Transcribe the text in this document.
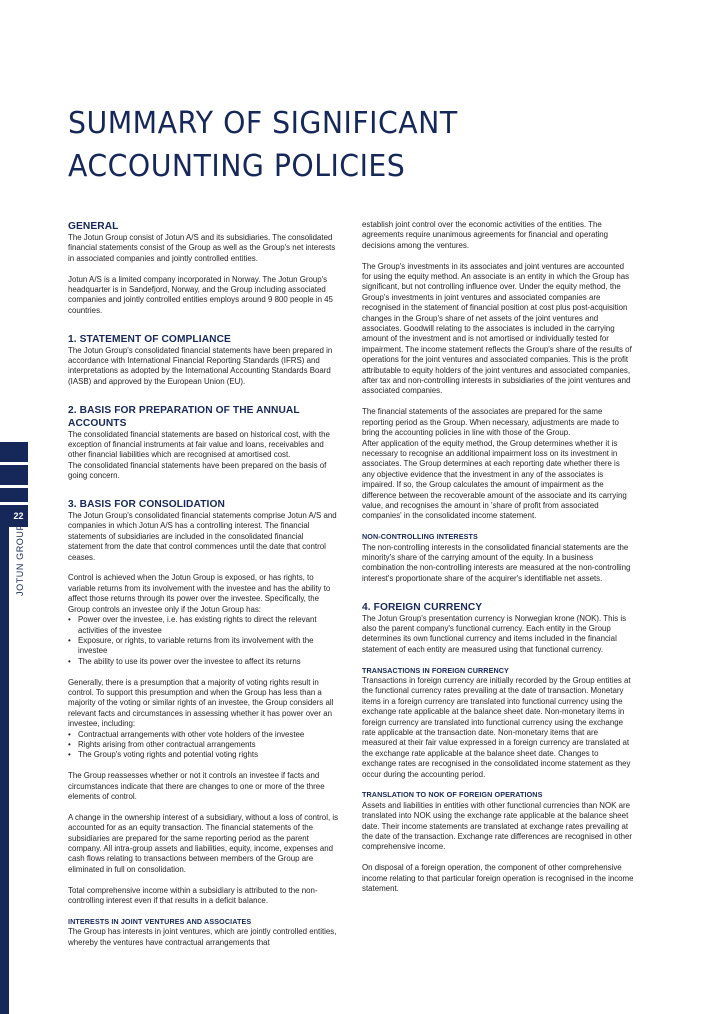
22
JOTUN GROUP
SUMMARY OF SIGNIFICANT
ACCOUNTING POLICIES
GENERAL

The Jotun Group consist of Jotun A/S and its subsidiaries. The consolidated financial statements consist of the Group as well as the Group's net interests in associated companies and jointly controlled entities.

Jotun A/S is a limited company incorporated in Norway. The Jotun Group's headquarter is in Sandefjord, Norway, and the Group including associated companies and jointly controlled entities employs around 9 800 people in 45 countries.

1. STATEMENT OF COMPLIANCE

The Jotun Group's consolidated financial statements have been prepared in accordance with International Financial Reporting Standards (IFRS) and interpretations as adopted by the International Accounting Standards Board (IASB) and approved by the European Union (EU).

2. BASIS FOR PREPARATION OF THE ANNUAL ACCOUNTS

The consolidated financial statements are based on historical cost, with the exception of financial instruments at fair value and loans, receivables and other financial liabilities which are recognised at amortised cost.

The consolidated financial statements have been prepared on the basis of going concern.

3. BASIS FOR CONSOLIDATION

The Jotun Group's consolidated financial statements comprise Jotun A/S and companies in which Jotun A/S has a controlling interest. The financial statements of subsidiaries are included in the consolidated financial statement from the date that control commences until the date that control ceases.

Control is achieved when the Jotun Group is exposed, or has rights, to variable returns from its involvement with the investee and has the ability to affect those returns through its power over the investee. Specifically, the Group controls an investee only if the Jotun Group has:

• Power over the investee, i.e. has existing rights to direct the relevant activities of the investee
• Exposure, or rights, to variable returns from its involvement with the investee
• The ability to use its power over the investee to affect its returns

Generally, there is a presumption that a majority of voting rights result in control. To support this presumption and when the Group has less than a majority of the voting or similar rights of an investee, the Group considers all relevant facts and circumstances in assessing whether it has power over an investee, including:

• Contractual arrangements with other vote holders of the investee
• Rights arising from other contractual arrangements
• The Group's voting rights and potential voting rights

The Group reassesses whether or not it controls an investee if facts and circumstances indicate that there are changes to one or more of the three elements of control.

A change in the ownership interest of a subsidiary, without a loss of control, is accounted for as an equity transaction. The financial statements of the subsidiaries are prepared for the same reporting period as the parent company. All intra-group assets and liabilities, equity, income, expenses and cash flows relating to transactions between members of the Group are eliminated in full on consolidation.

Total comprehensive income within a subsidiary is attributed to the non-controlling interest even if that results in a deficit balance.

INTERESTS IN JOINT VENTURES AND ASSOCIATES

The Group has interests in joint ventures, which are jointly controlled entities, whereby the ventures have contractual arrangements that

establish joint control over the economic activities of the entities. The agreements require unanimous agreements for financial and operating decisions among the ventures.

The Group's investments in its associates and joint ventures are accounted for using the equity method. An associate is an entity in which the Group has significant, but not controlling influence over. Under the equity method, the Group's investments in joint ventures and associated companies are recognised in the statement of financial position at cost plus post-acquisition changes in the Group's share of net assets of the joint ventures and associates. Goodwill relating to the associates is included in the carrying amount of the investment and is not amortised or individually tested for impairment. The income statement reflects the Group's share of the results of operations for the joint ventures and associated companies. This is the profit attributable to equity holders of the joint ventures and associated companies, after tax and non-controlling interests in subsidiaries of the joint ventures and associated companies.

The financial statements of the associates are prepared for the same reporting period as the Group. When necessary, adjustments are made to bring the accounting policies in line with those of the Group.

After application of the equity method, the Group determines whether it is necessary to recognise an additional impairment loss on its investment in associates. The Group determines at each reporting date whether there is any objective evidence that the investment in any of the associates is impaired. If so, the Group calculates the amount of impairment as the difference between the recoverable amount of the associate and its carrying value, and recognises the amount in 'share of profit from associated companies' in the consolidated income statement.

NON-CONTROLLING INTERESTS

The non-controlling interests in the consolidated financial statements are the minority's share of the carrying amount of the equity. In a business combination the non-controlling interests are measured at the non-controlling interest's proportionate share of the acquirer's identifiable net assets.

4. FOREIGN CURRENCY

The Jotun Group's presentation currency is Norwegian krone (NOK). This is also the parent company's functional currency. Each entity in the Group determines its own functional currency and items included in the financial statement of each entity are measured using that functional currency.

TRANSACTIONS IN FOREIGN CURRENCY

Transactions in foreign currency are initially recorded by the Group entities at the functional currency rates prevailing at the date of transaction. Monetary items in a foreign currency are translated into functional currency using the exchange rate applicable at the balance sheet date. Non-monetary items in foreign currency are translated into functional currency using the exchange rate applicable at the transaction date. Non-monetary items that are measured at their fair value expressed in a foreign currency are translated at the exchange rate applicable at the balance sheet date. Changes to exchange rates are recognised in the consolidated income statement as they occur during the accounting period.

TRANSLATION TO NOK OF FOREIGN OPERATIONS

Assets and liabilities in entities with other functional currencies than NOK are translated into NOK using the exchange rate applicable at the balance sheet date. Their income statements are translated at exchange rates prevailing at the date of the transaction. Exchange rate differences are recognised in other comprehensive income.

On disposal of a foreign operation, the component of other comprehensive income relating to that particular foreign operation is recognised in the income statement.
